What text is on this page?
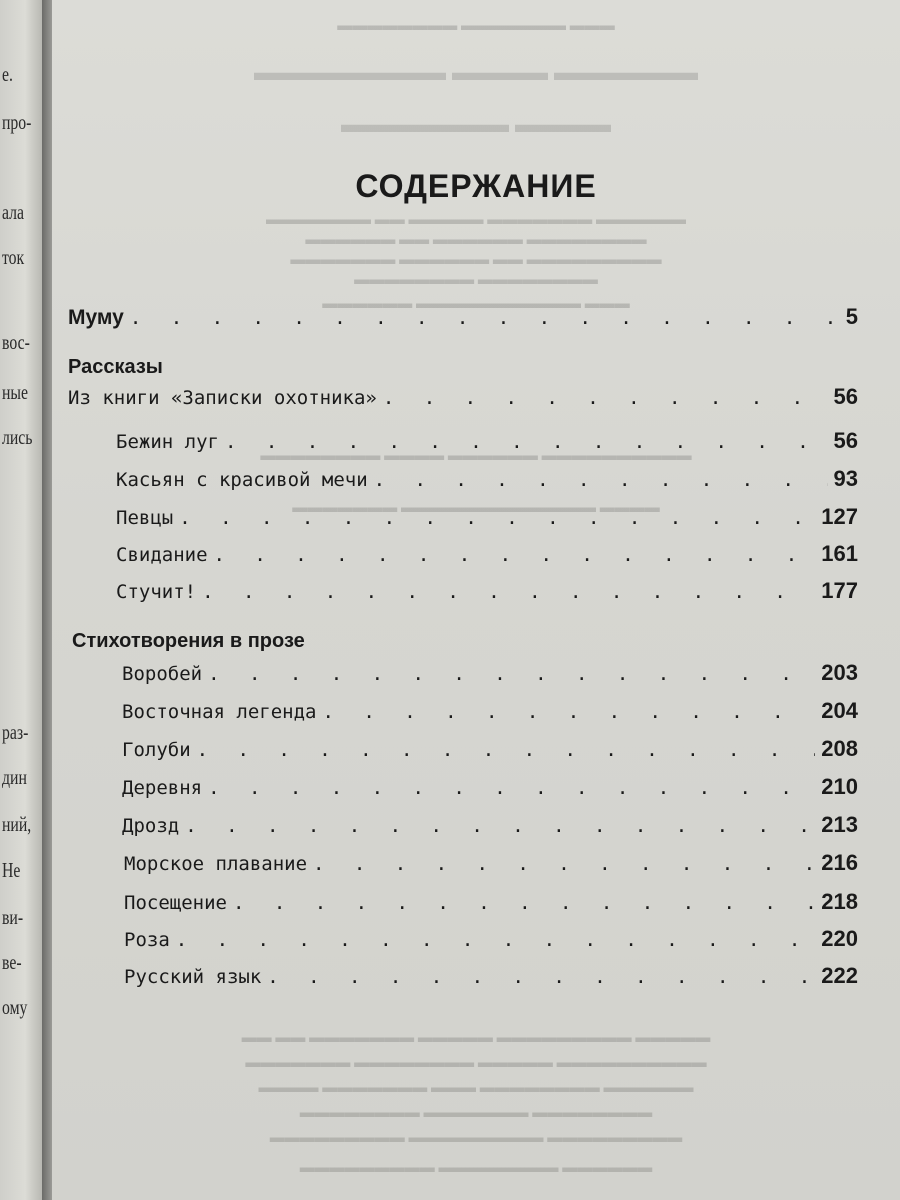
е.
про-
ала
ток
вос-
ные
лись
раз-
дин
ний,
Не
ви-
ве-
ому
▬▬▬ ▬▬▬▬▬▬▬ ▬▬▬▬▬▬▬▬
▬▬▬▬▬▬ ▬▬▬▬ ▬▬▬▬▬▬▬▬
▬▬▬▬ ▬▬▬▬▬▬▬
▬▬▬▬▬▬ ▬▬▬▬▬▬▬ ▬▬▬▬▬ ▬▬ ▬▬▬▬▬▬▬
▬▬▬▬▬▬▬▬ ▬▬▬▬▬▬ ▬▬ ▬▬▬▬▬▬
▬▬▬▬▬▬▬▬▬ ▬▬ ▬▬▬▬▬▬ ▬▬▬▬▬▬▬
▬▬▬▬▬▬▬▬ ▬▬▬▬▬▬▬▬
▬▬▬ ▬▬▬▬▬▬▬▬▬▬▬ ▬▬▬▬▬▬
▬▬▬▬▬▬▬▬▬▬ ▬▬▬▬▬▬ ▬▬▬▬ ▬▬▬▬▬▬▬▬
▬▬▬▬ ▬▬▬▬▬▬▬▬▬▬▬▬▬ ▬▬▬▬▬▬▬
▬▬▬▬▬ ▬▬▬▬▬▬▬▬▬ ▬▬▬▬▬ ▬▬▬▬▬▬▬ ▬▬ ▬▬
▬▬▬▬▬▬▬▬▬▬ ▬▬▬▬▬ ▬▬▬▬▬▬▬▬ ▬▬▬▬▬▬▬
▬▬▬▬▬▬ ▬▬▬▬▬▬▬▬ ▬▬▬ ▬▬▬▬▬▬▬ ▬▬▬▬
▬▬▬▬▬▬▬▬ ▬▬▬▬▬▬▬ ▬▬▬▬▬▬▬▬
▬▬▬▬▬▬▬▬▬ ▬▬▬▬▬▬▬▬▬ ▬▬▬▬▬▬▬▬▬
▬▬▬▬▬▬ ▬▬▬▬▬▬▬▬ ▬▬▬▬▬▬▬▬▬
СОДЕРЖАНИЕ
Муму . . .	5
Рассказы
Из книги «Записки охотника» . . .	56
Бежин луг . . .	56
Касьян с красивой мечи . . .	93
Певцы . . .	127
Свидание . . .	161
Стучит! . . .	177
Стихотворения в прозе
Воробей . . .	203
Восточная легенда . . .	204
Голуби . . .	208
Деревня . . .	210
Дрозд . . .	213
Морское плавание . . .	216
Посещение . . .	218
Роза . . .	220
Русский язык . . .	222
